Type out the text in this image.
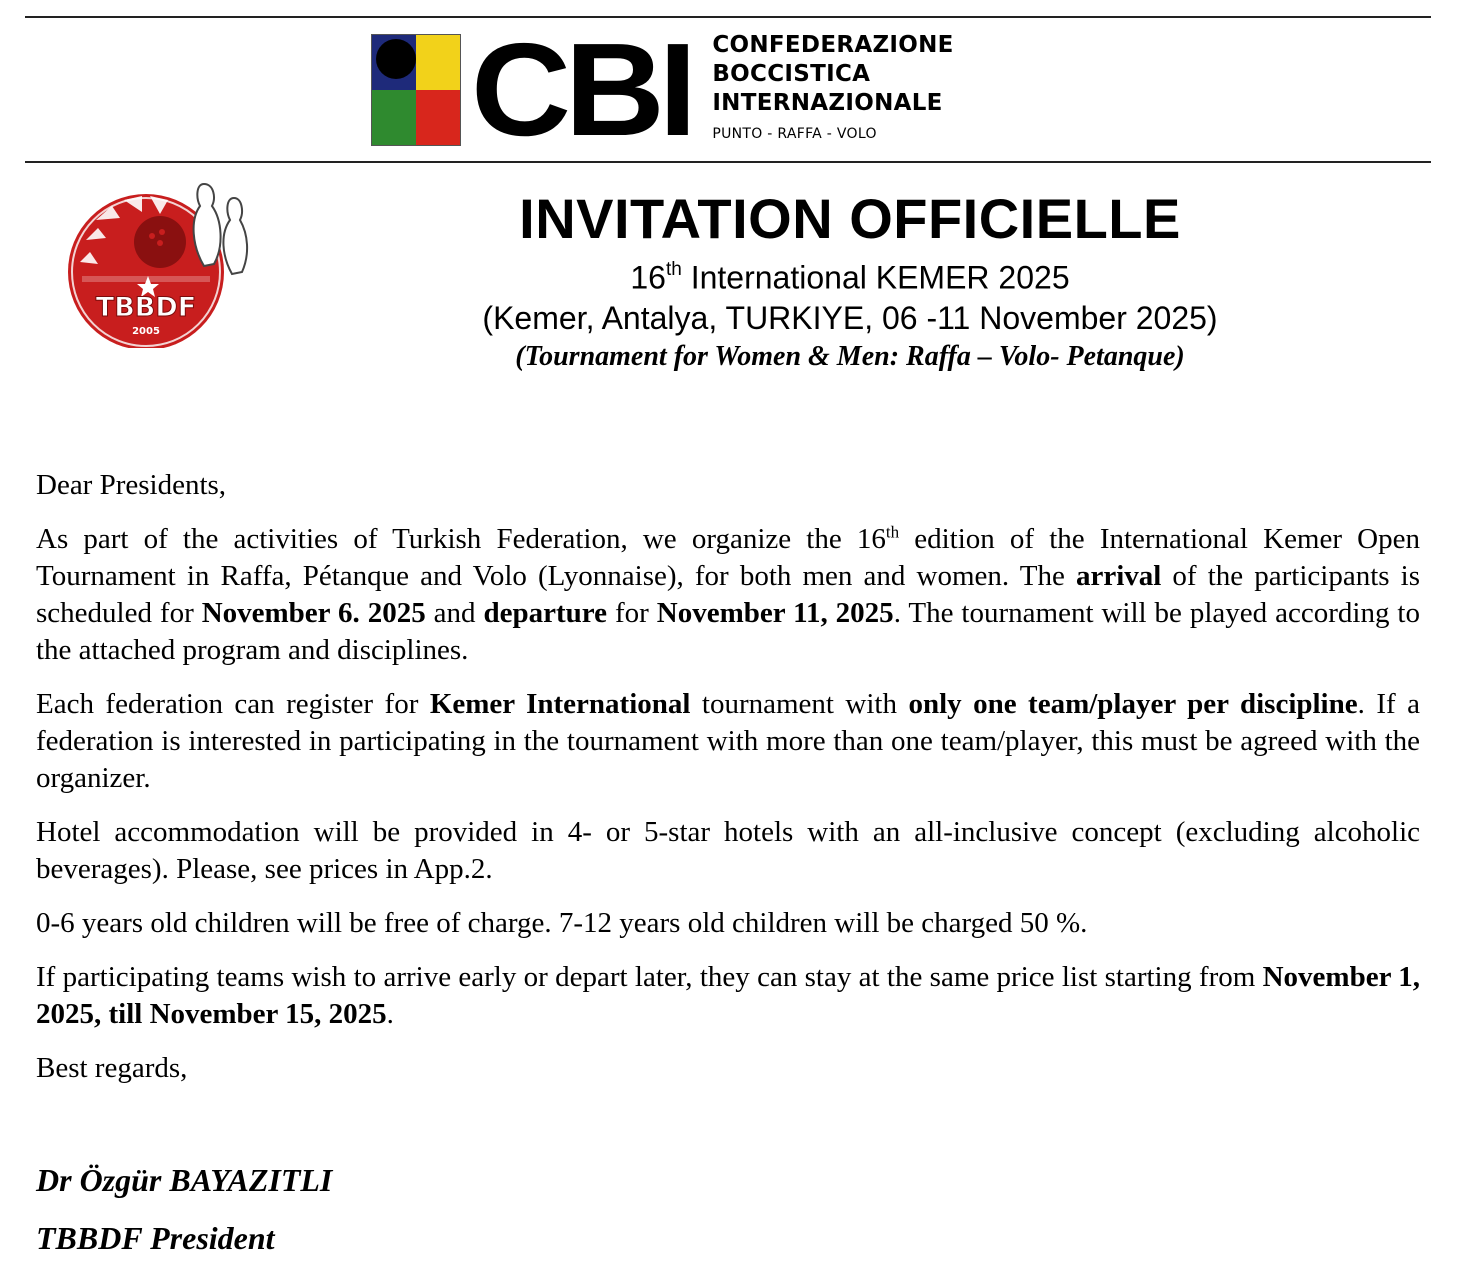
CBI CONFEDERAZIONE
BOCCISTICA
INTERNAZIONALE
PUNTO - RAFFA - VOLO
TBBDF
2005
INVITATION OFFICIELLE
16th International KEMER 2025
(Kemer, Antalya, TURKIYE, 06 -11 November 2025)
(Tournament for Women & Men: Raffa – Volo- Petanque)

Dear Presidents,

As part of the activities of Turkish Federation, we organize the 16th edition of the International Kemer Open Tournament in Raffa, Pétanque and Volo (Lyonnaise), for both men and women. The arrival of the participants is scheduled for November 6. 2025 and departure for November 11, 2025. The tournament will be played according to the attached program and disciplines.

Each federation can register for Kemer International tournament with only one team/player per discipline. If a federation is interested in participating in the tournament with more than one team/player, this must be agreed with the organizer.

Hotel accommodation will be provided in 4- or 5-star hotels with an all-inclusive concept (excluding alcoholic beverages). Please, see prices in App.2.

0-6 years old children will be free of charge. 7-12 years old children will be charged 50 %.

If participating teams wish to arrive early or depart later, they can stay at the same price list starting from November 1, 2025, till November 15, 2025.

Best regards,

Dr Özgür BAYAZITLI
TBBDF President
